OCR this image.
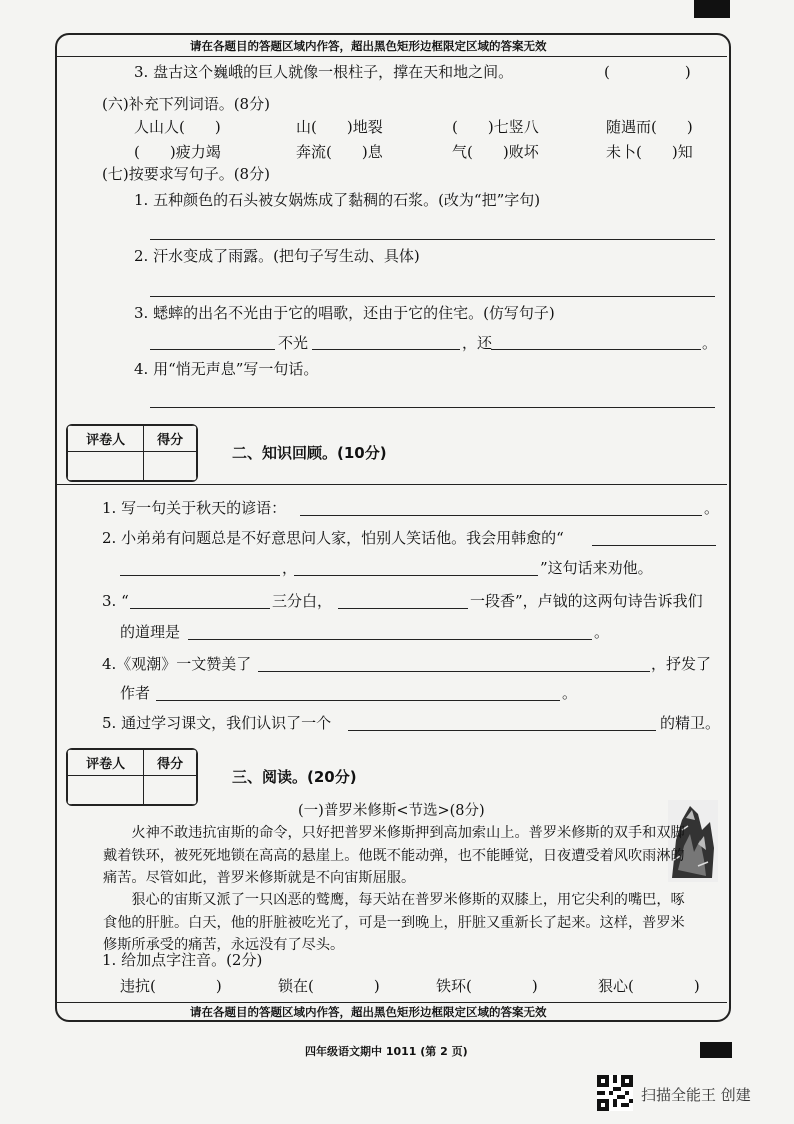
请在各题目的答题区域内作答，超出黑色矩形边框限定区域的答案无效
3. 盘古这个巍峨的巨人就像一根柱子，撑在天和地之间。	(　　　　　)
(六)补充下列词语。(8分)
人山人(　　)	山(　　)地裂	(　　)七竖八	随遇而(　　)
(　　)疲力竭	奔流(　　)息	气(　　)败坏	未卜(　　)知
(七)按要求写句子。(8分)
1. 五种颜色的石头被女娲炼成了黏稠的石浆。(改为“把”字句)
2. 汗水变成了雨露。(把句子写生动、具体)
3. 蟋蟀的出名不光由于它的唱歌，还由于它的住宅。(仿写句子)
不光	，还	。
4. 用“悄无声息”写一句话。
评卷人	得分

二、知识回顾。(10分)
1. 写一句关于秋天的谚语：	。
2. 小弟弟有问题总是不好意思问人家，怕别人笑话他。我会用韩愈的“
，	”这句话来劝他。
3. “	三分白，	一段香”，卢钺的这两句诗告诉我们
的道理是	。
4.《观潮》一文赞美了	，抒发了
作者	。
5. 通过学习课文，我们认识了一个	的精卫。
评卷人	得分

三、阅读。(20分)
(一)普罗米修斯<节选>(8分)
火神不敢违抗宙斯的命令，只好把普罗米修斯押到高加索山上。普罗米修斯的双手和双脚戴着铁环，被死死地锁在高高的悬崖上。他既不能动弹，也不能睡觉，日夜遭受着风吹雨淋的痛苦。尽管如此，普罗米修斯就是不向宙斯屈服。
狠心的宙斯又派了一只凶恶的鹫鹰，每天站在普罗米修斯的双膝上，用它尖利的嘴巴，啄食他的肝脏。白天，他的肝脏被吃光了，可是一到晚上，肝脏又重新长了起来。这样，普罗米修斯所承受的痛苦，永远没有了尽头。
1. 给加点字注音。(2分)
违抗(　　　　)	锁在(　　　　)	铁环(　　　　)	狠心(　　　　)
请在各题目的答题区域内作答，超出黑色矩形边框限定区域的答案无效
四年级语文期中 1011 (第 2 页)
扫描全能王 创建
